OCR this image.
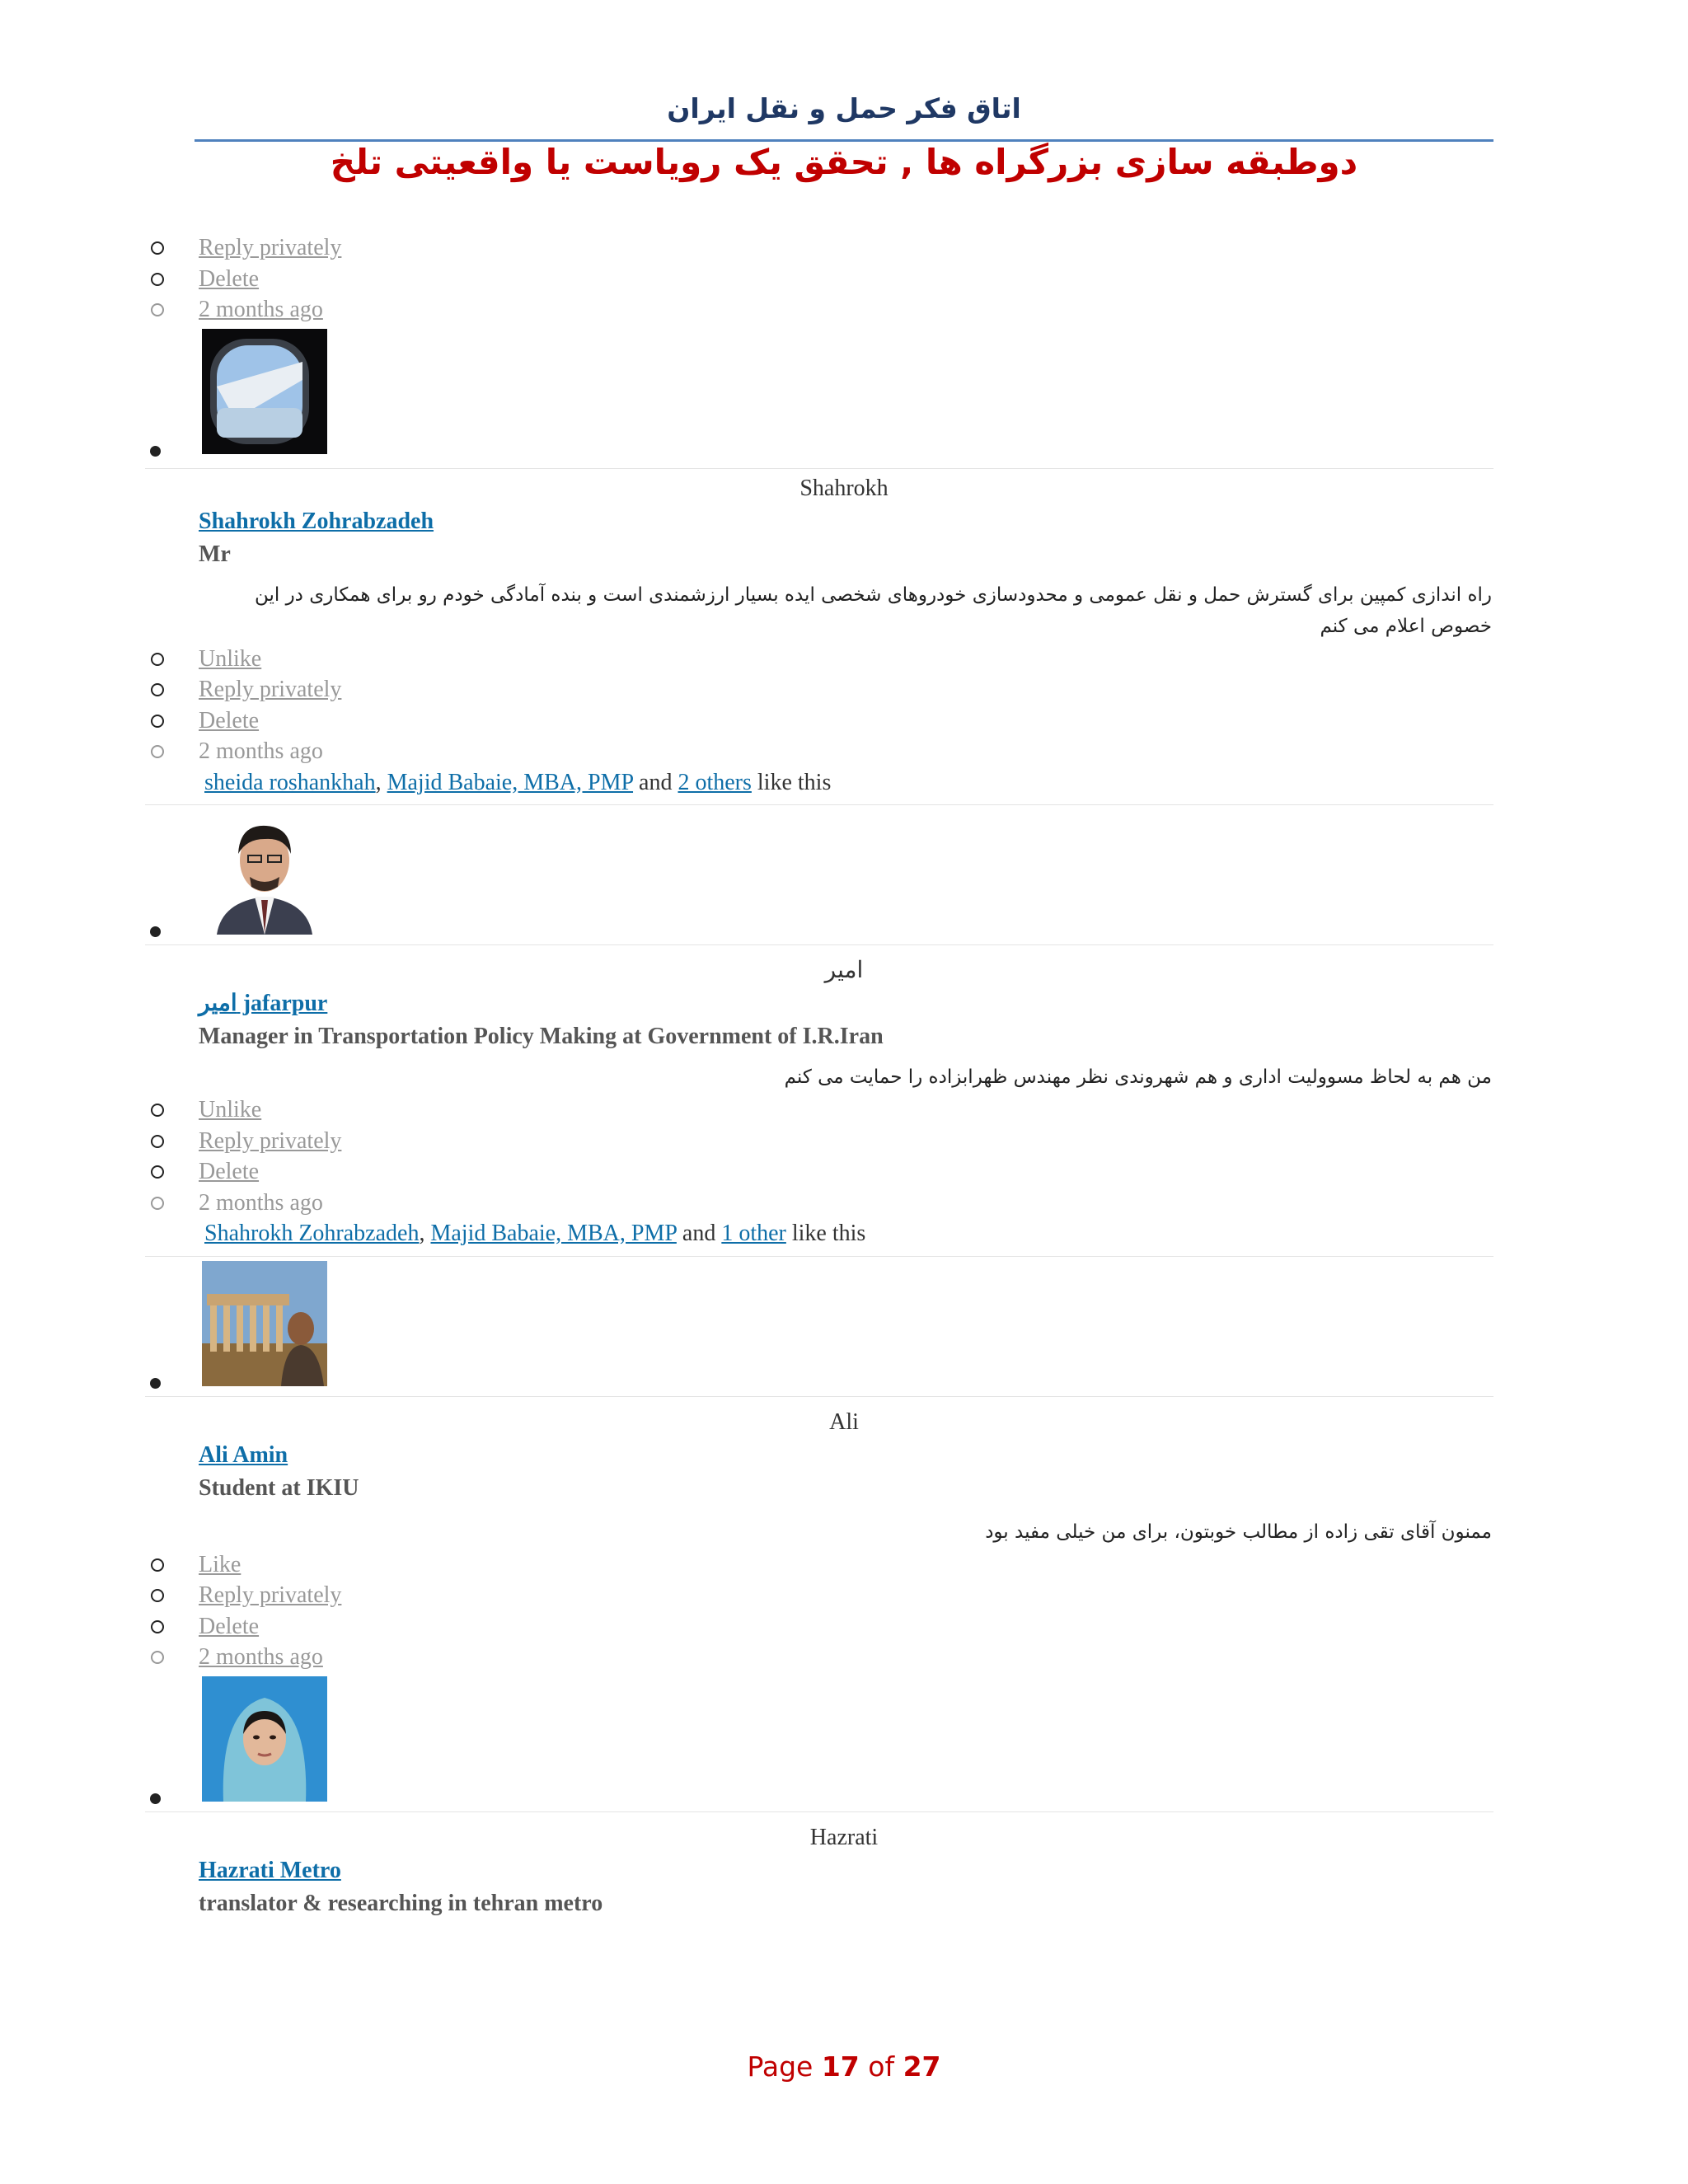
اتاق فکر حمل و نقل ایران
دوطبقه سازی بزرگراه ها , تحقق یک رویاست یا واقعیتی تلخ
Reply privately
Delete
2 months ago
Shahrokh
Shahrokh Zohrabzadeh
Mr
راه اندازی کمپین برای گسترش حمل و نقل عمومی و محدودسازی خودروهای شخصی ایده بسیار ارزشمندی است و بنده آمادگی خودم رو برای همکاری در این خصوص اعلام می کنم
Unlike
Reply privately
Delete
2 months ago
sheida roshankhah, Majid Babaie, MBA, PMP and 2 others like this
امیر
امیر jafarpur
Manager in Transportation Policy Making at Government of I.R.Iran
من هم به لحاظ مسوولیت اداری و هم شهروندی نظر مهندس ظهرابزاده را حمایت می کنم
Unlike
Reply privately
Delete
2 months ago
Shahrokh Zohrabzadeh, Majid Babaie, MBA, PMP and 1 other like this
Ali
Ali Amin
Student at IKIU
ممنون آقای تقی زاده از مطالب خوبتون، برای من خیلی مفید بود
Like
Reply privately
Delete
2 months ago
Hazrati
Hazrati Metro
translator & researching in tehran metro
Page 17 of 27
